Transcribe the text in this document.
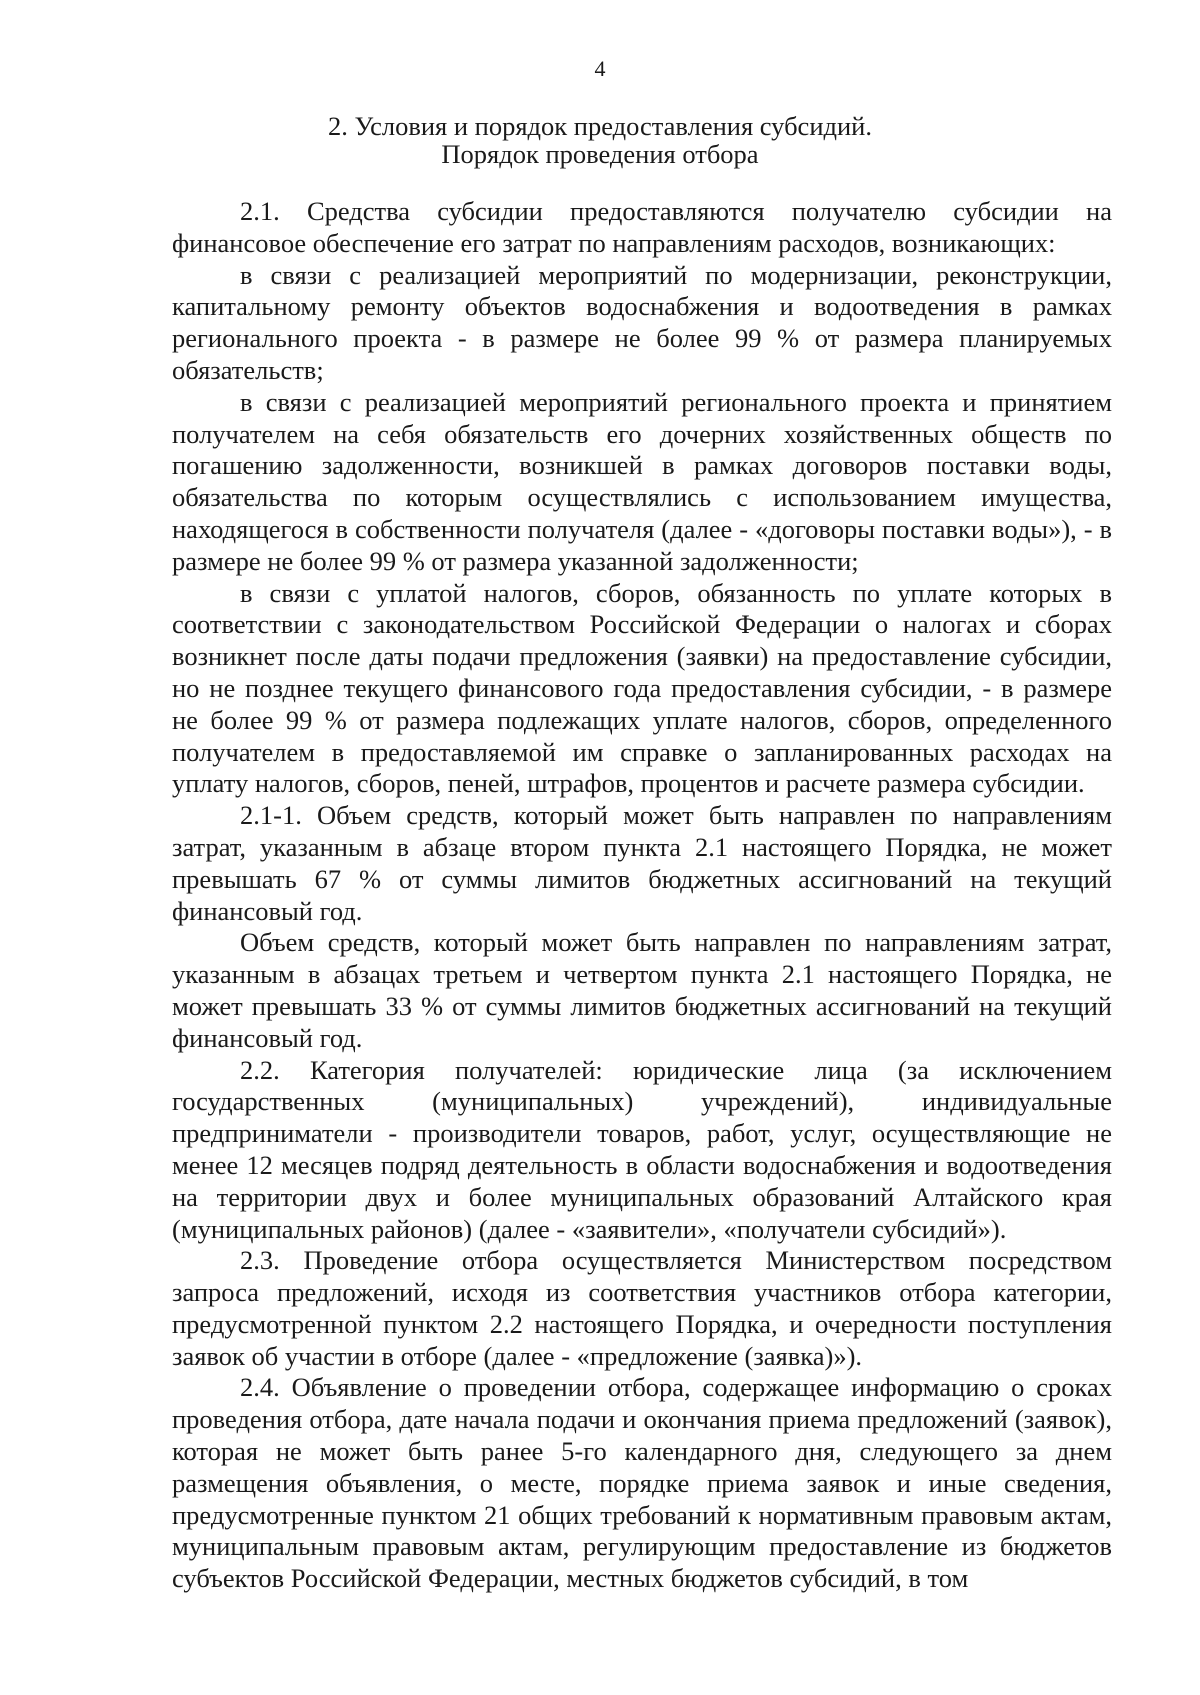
4
2. Условия и порядок предоставления субсидий.
Порядок проведения отбора

2.1. Средства субсидии предоставляются получателю субсидии на финансовое обеспечение его затрат по направлениям расходов, возникающих:

в связи с реализацией мероприятий по модернизации, реконструкции, капитальному ремонту объектов водоснабжения и водоотведения в рамках регионального проекта - в размере не более 99 % от размера планируемых обязательств;

в связи с реализацией мероприятий регионального проекта и принятием получателем на себя обязательств его дочерних хозяйственных обществ по погашению задолженности, возникшей в рамках договоров поставки воды, обязательства по которым осуществлялись с использованием имущества, находящегося в собственности получателя (далее - «договоры поставки воды»), - в размере не более 99 % от размера указанной задолженности;

в связи с уплатой налогов, сборов, обязанность по уплате которых в соответствии с законодательством Российской Федерации о налогах и сборах возникнет после даты подачи предложения (заявки) на предоставление субсидии, но не позднее текущего финансового года предоставления субсидии, - в размере не более 99 % от размера подлежащих уплате налогов, сборов, определенного получателем в предоставляемой им справке о запланированных расходах на уплату налогов, сборов, пеней, штрафов, процентов и расчете размера субсидии.

2.1-1. Объем средств, который может быть направлен по направлениям затрат, указанным в абзаце втором пункта 2.1 настоящего Порядка, не может превышать 67 % от суммы лимитов бюджетных ассигнований на текущий финансовый год.

Объем средств, который может быть направлен по направлениям затрат, указанным в абзацах третьем и четвертом пункта 2.1 настоящего Порядка, не может превышать 33 % от суммы лимитов бюджетных ассигнований на текущий финансовый год.

2.2. Категория получателей: юридические лица (за исключением государственных (муниципальных) учреждений), индивидуальные предприниматели - производители товаров, работ, услуг, осуществляющие не менее 12 месяцев подряд деятельность в области водоснабжения и водоотведения на территории двух и более муниципальных образований Алтайского края (муниципальных районов) (далее - «заявители», «получатели субсидий»).

2.3. Проведение отбора осуществляется Министерством посредством запроса предложений, исходя из соответствия участников отбора категории, предусмотренной пунктом 2.2 настоящего Порядка, и очередности поступления заявок об участии в отборе (далее - «предложение (заявка)»).

2.4. Объявление о проведении отбора, содержащее информацию о сроках проведения отбора, дате начала подачи и окончания приема предложений (заявок), которая не может быть ранее 5-го календарного дня, следующего за днем размещения объявления, о месте, порядке приема заявок и иные сведения, предусмотренные пунктом 21 общих требований к нормативным правовым актам, муниципальным правовым актам, регулирующим предоставление из бюджетов субъектов Российской Федерации, местных бюджетов субсидий, в том
